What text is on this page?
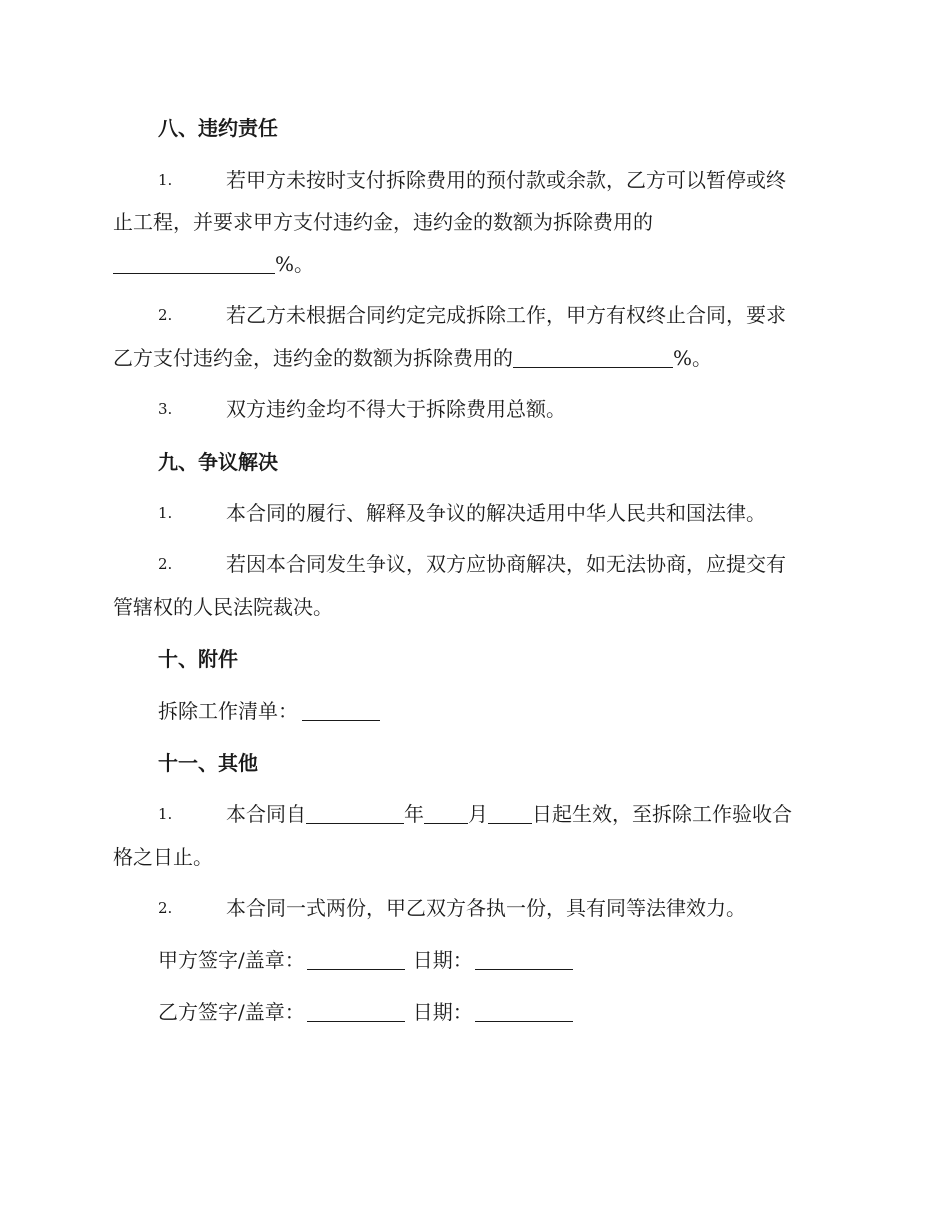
八、违约责任
1.	若甲方未按时支付拆除费用的预付款或余款，乙方可以暂停或终
止工程，并要求甲方支付违约金，违约金的数额为拆除费用的
%。
2.	若乙方未根据合同约定完成拆除工作，甲方有权终止合同，要求
乙方支付违约金，违约金的数额为拆除费用的	%。
3.	双方违约金均不得大于拆除费用总额。
九、争议解决
1.	本合同的履行、解释及争议的解决适用中华人民共和国法律。
2.	若因本合同发生争议，双方应协商解决，如无法协商，应提交有
管辖权的人民法院裁决。
十、附件
拆除工作清单：
十一、其他
1.	本合同自	年 月 日起生效，至拆除工作验收合
格之日止。
2.	本合同一式两份，甲乙双方各执一份，具有同等法律效力。
甲方签字/盖章：	日期：
乙方签字/盖章：	日期：
